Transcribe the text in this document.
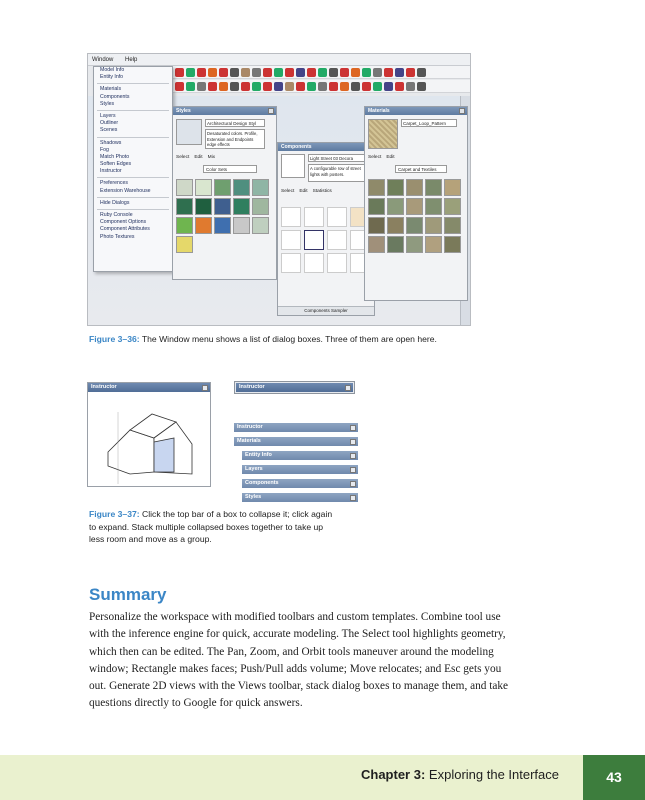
Window Help
Model Info
Entity Info
Materials
Components
Styles
Layers
Outliner
Scenes
Shadows
Fog
Match Photo
Soften Edges
Instructor
Preferences
Extension Warehouse
Hide Dialogs
Ruby Console
Component Options
Component Attributes
Photo Textures
Styles
Architectural Design Styl
Desaturated colors. Profile, Extension and Endpoints edge effects
Select Edit Mix
Color Sets
Components
Light Street 03 Decora
A configurable row of street lights with posters.
Select Edit Statistics
Components Sampler
Materials
Carpet_Loop_Pattern
Select Edit
Carpet and Textiles
Figure 3–36: The Window menu shows a list of dialog boxes. Three of them are open here.
Instructor	Instructor
Instructor
Materials
Entity Info
Layers
Components
Styles
Figure 3–37: Click the top bar of a box to collapse it; click again
to expand. Stack multiple collapsed boxes together to take up
less room and move as a group.
Summary
Personalize the workspace with modified toolbars and custom templates. Combine tool use
with the inference engine for quick, accurate modeling. The Select tool highlights geometry,
which then can be edited. The Pan, Zoom, and Orbit tools maneuver around the modeling
window; Rectangle makes faces; Push/Pull adds volume; Move relocates; and Esc gets you
out. Generate 2D views with the Views toolbar, stack dialog boxes to manage them, and take
questions directly to Google for quick answers.
Chapter 3: Exploring the Interface	43
